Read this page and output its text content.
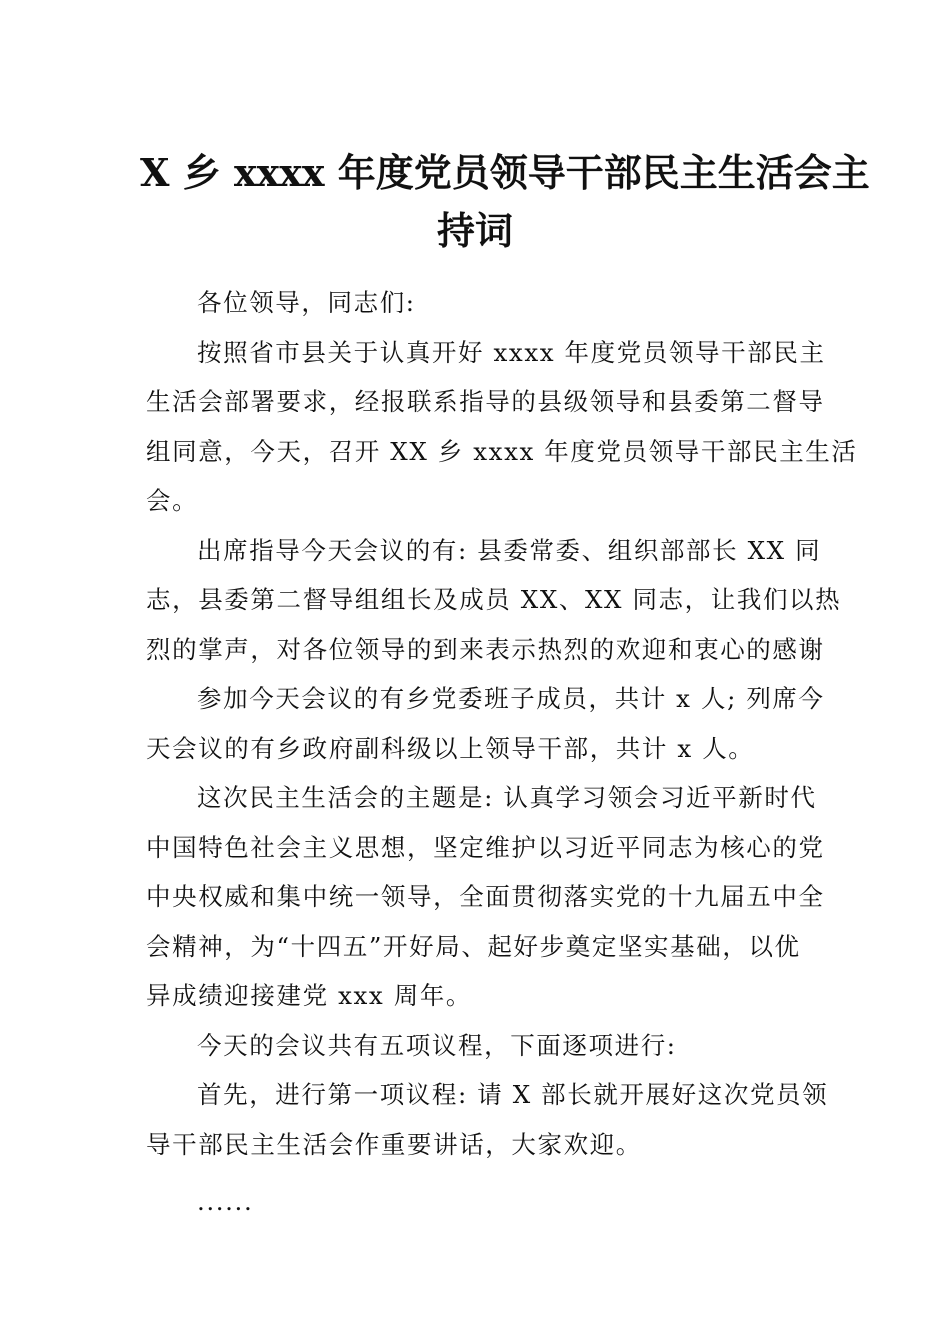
X 乡 xxxx 年度党员领导干部民主生活会主
持词

各位领导，同志们:

按照省市县关于认真开好 xxxx 年度党员领导干部民主
生活会部署要求，经报联系指导的县级领导和县委第二督导
组同意，今天，召开 XX 乡 xxxx 年度党员领导干部民主生活
会。

出席指导今天会议的有: 县委常委、组织部部长 XX 同
志，县委第二督导组组长及成员 XX、XX 同志，让我们以热
烈的掌声，对各位领导的到来表示热烈的欢迎和衷心的感谢

参加今天会议的有乡党委班子成员，共计 x 人; 列席今
天会议的有乡政府副科级以上领导干部，共计 x 人。

这次民主生活会的主题是: 认真学习领会习近平新时代
中国特色社会主义思想，坚定维护以习近平同志为核心的党
中央权威和集中统一领导，全面贯彻落实党的十九届五中全
会精神，为“十四五”开好局、起好步奠定坚实基础，以优
异成绩迎接建党 xxx 周年。

今天的会议共有五项议程，下面逐项进行:

首先，进行第一项议程: 请 X 部长就开展好这次党员领
导干部民主生活会作重要讲话，大家欢迎。

......
